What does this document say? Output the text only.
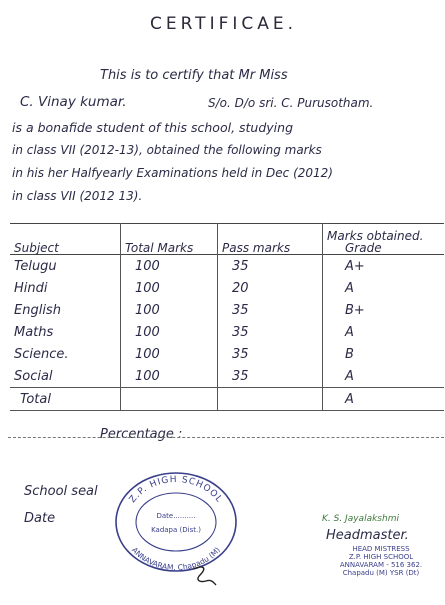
CERTIFICAE.
This is to certify that Mr Miss
C. Vinay kumar.	S/o. D/o sri. C. Purusotham.
is a bonafide student of this school, studying
in class VII (2012-13), obtained the following marks
in his her Halfyearly Examinations held in Dec (2012)
in class VII (2012 13).
Subject	Total Marks	Pass marks	Marks obtained. Grade
Telugu	100	35	A+
Hindi	100	20	A
English	100	35	B+
Maths	100	35	A
Science.	100	35	B
Social	100	35	A
Total			A
Percentage :
School seal
Date
Z.P. HIGH SCHOOL
ANNAVARAM, Chapadu (M)
Date..........
Kadapa (Dist.)
K. S. Jayalakshmi
Headmaster.
HEAD MISTRESS
Z.P. HIGH SCHOOL
ANNAVARAM - 516 362.
Chapadu (M) YSR (Dt)
